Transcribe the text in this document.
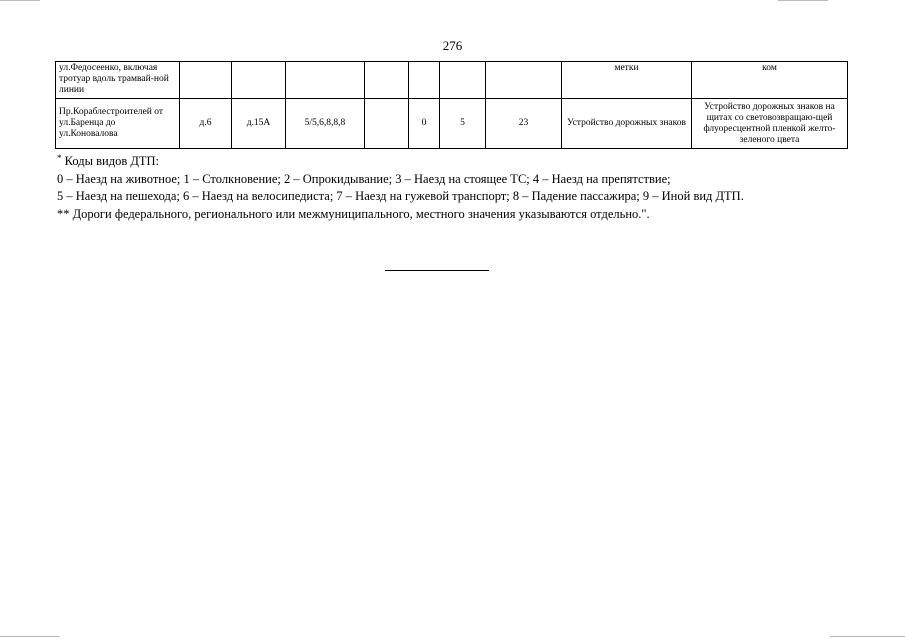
276
ул.Федосеенко, включая тротуар вдоль трамвай-ной линии								метки	ком
Пр.Кораблестроителей от ул.Баренца до ул.Коновалова	д.6	д.15А	5/5,6,8,8,8		0	5	23	Устройство дорожных знаков	Устройство дорожных знаков на щитах со световозвращаю-щей флуоресцентной пленкой желто-зеленого цвета

* Коды видов ДТП:

0 – Наезд на животное; 1 – Столкновение; 2 – Опрокидывание; 3 – Наезд на стоящее ТС; 4 – Наезд на препятствие;

5 – Наезд на пешехода; 6 – Наезд на велосипедиста; 7 – Наезд на гужевой транспорт; 8 – Падение пассажира; 9 – Иной вид ДТП.

** Дороги федерального, регионального или межмуниципального, местного значения указываются отдельно.".
